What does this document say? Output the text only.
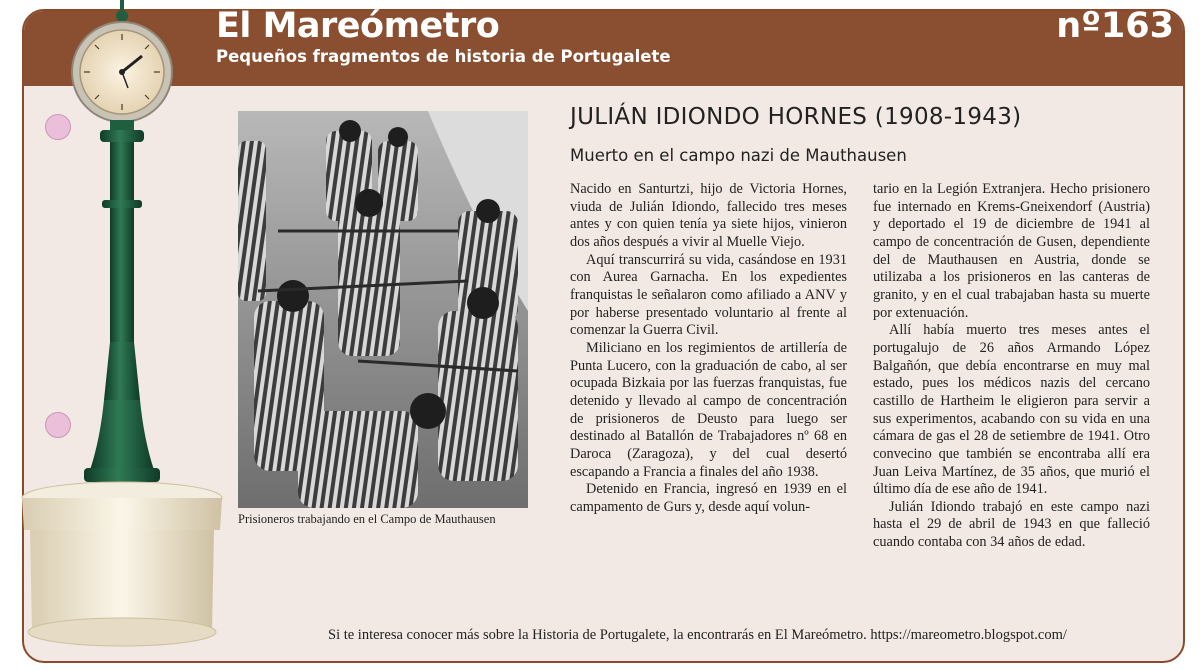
El Mareómetro
Pequeños fragmentos de historia de Portugalete
nº163
Prisioneros trabajando en el Campo de Mauthausen
JULIÁN IDIONDO HORNES (1908-1943)
Muerto en el campo nazi de Mauthausen

Nacido en Santurtzi, hijo de Victoria Hornes, viuda de Julián Idiondo, fallecido tres meses antes y con quien tenía ya siete hijos, vinieron dos años después a vivir al Muelle Viejo.

Aquí transcurrirá su vida, casándose en 1931 con Aurea Garnacha. En los expedientes franquistas le señalaron como afiliado a ANV y por haberse presentado voluntario al frente al comenzar la Guerra Civil.

Miliciano en los regimientos de artillería de Punta Lucero, con la graduación de cabo, al ser ocupada Bizkaia por las fuerzas franquistas, fue detenido y llevado al campo de concentración de prisioneros de Deusto para luego ser destinado al Batallón de Trabajadores nº 68 en Daroca (Zaragoza), y del cual desertó escapando a Francia a finales del año 1938.

Detenido en Francia, ingresó en 1939 en el campamento de Gurs y, desde aquí volun-

tario en la Legión Extranjera. Hecho prisionero fue internado en Krems-Gneixendorf (Austria) y deportado el 19 de diciembre de 1941 al campo de concentración de Gusen, dependiente del de Mauthausen en Austria, donde se utilizaba a los prisioneros en las canteras de granito, y en el cual trabajaban hasta su muerte por extenuación.

Allí había muerto tres meses antes el portugalujo de 26 años Armando López Balgañón, que debía encontrarse en muy mal estado, pues los médicos nazis del cercano castillo de Hartheim le eligieron para servir a sus experimentos, acabando con su vida en una cámara de gas el 28 de setiembre de 1941. Otro convecino que también se encontraba allí era Juan Leiva Martínez, de 35 años, que murió el último día de ese año de 1941.

Julián Idiondo trabajó en este campo nazi hasta el 29 de abril de 1943 en que falleció cuando contaba con 34 años de edad.

Si te interesa conocer más sobre la Historia de Portugalete, la encontrarás en El Mareómetro. https://mareometro.blogspot.com/
